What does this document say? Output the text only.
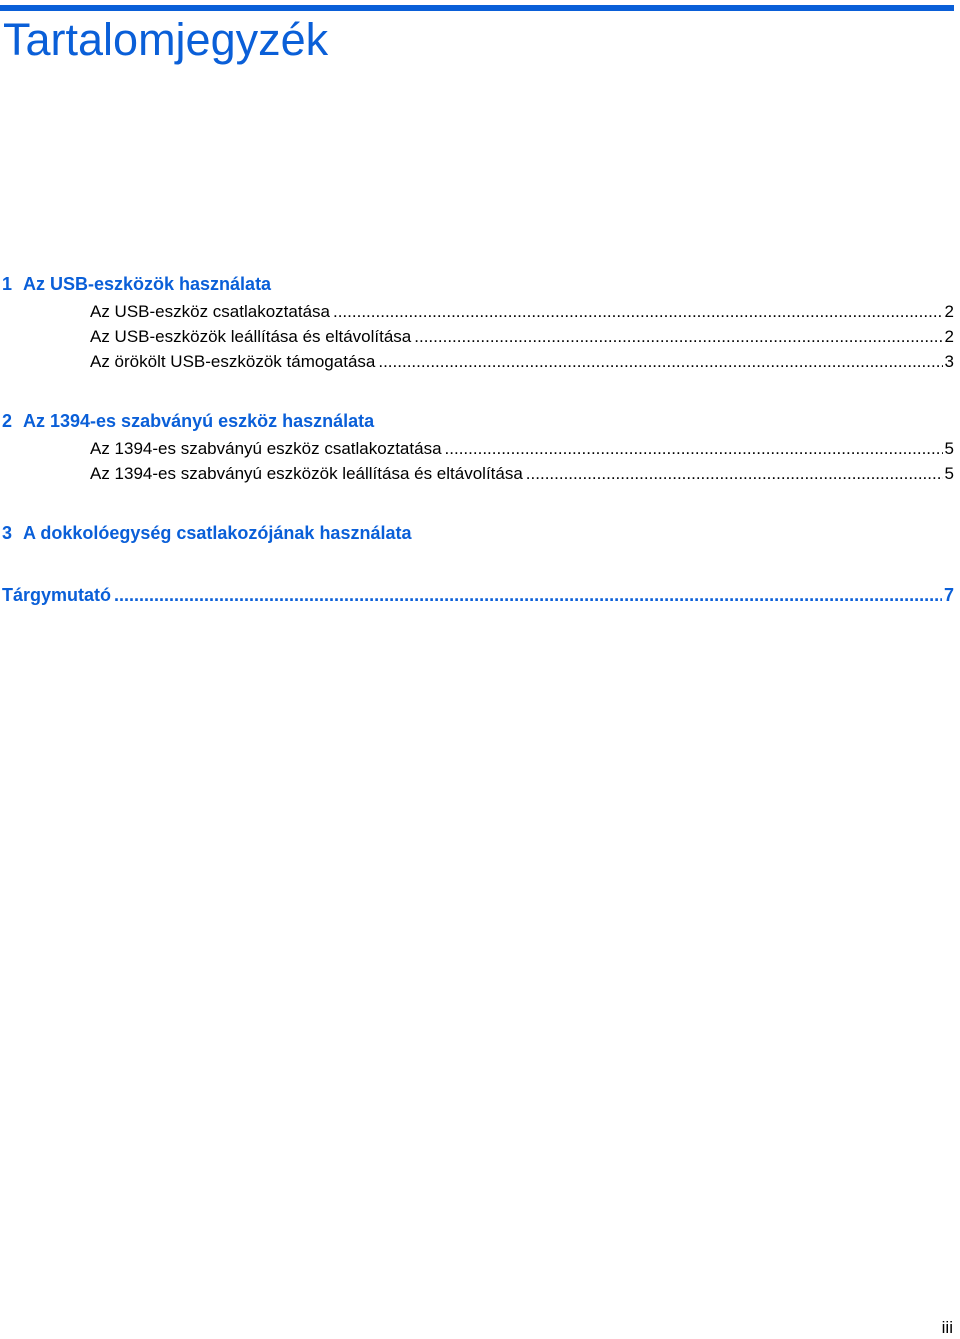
Tartalomjegyzék
1 Az USB-eszközök használata
Az USB-eszköz csatlakoztatása .....	2
Az USB-eszközök leállítása és eltávolítása .....	2
Az örökölt USB-eszközök támogatása .....	3
2 Az 1394-es szabványú eszköz használata
Az 1394-es szabványú eszköz csatlakoztatása .....	5
Az 1394-es szabványú eszközök leállítása és eltávolítása .....	5
3 A dokkolóegység csatlakozójának használata
Tárgymutató .....	7
iii
